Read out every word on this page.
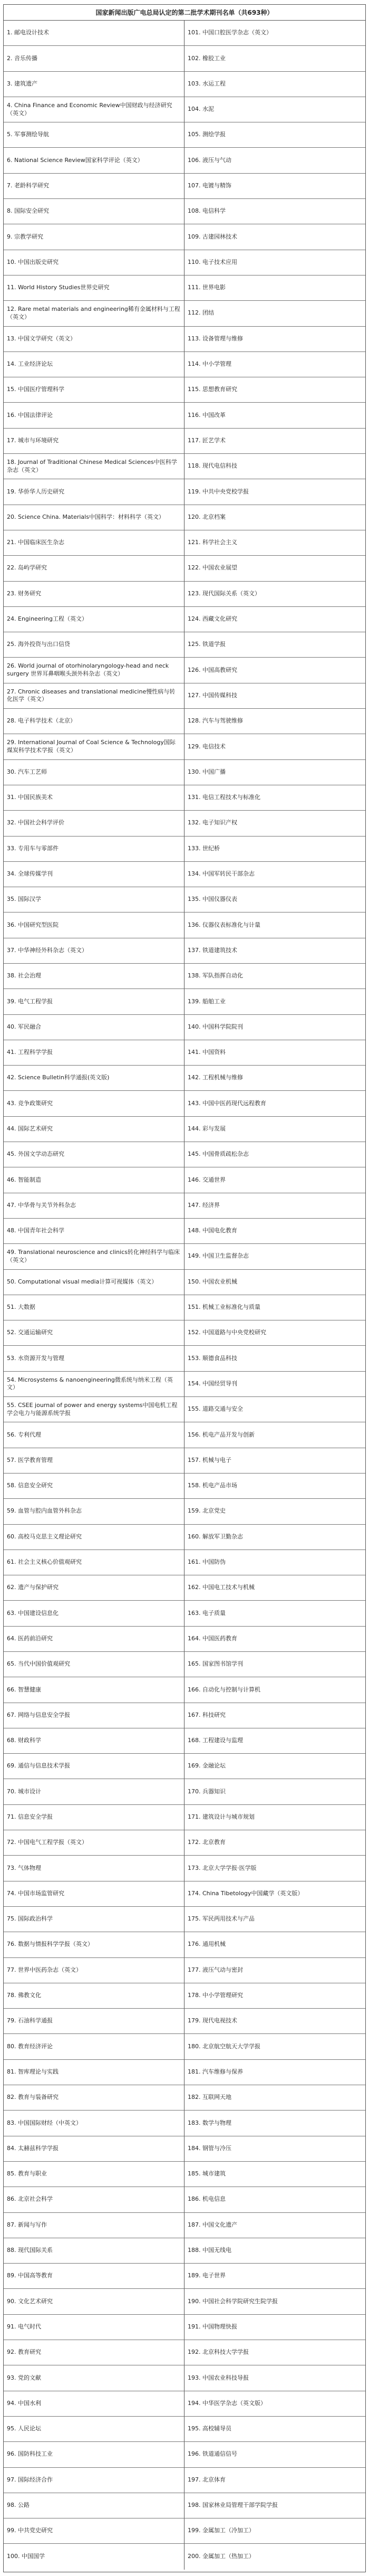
国家新闻出版广电总局认定的第二批学术期刊名单（共693种）
1. 邮电设计技术	101. 中国口腔医学杂志（英文）
2. 音乐传播	102. 橡胶工业
3. 建筑遗产	103. 水运工程
4. China Finance and Economic Review中国财政与经济研究（英文）
104. 水泥
5. 军事测绘导航	105. 测绘学报
6. National Science Review国家科学评论（英文）	106. 液压与气动
7. 老龄科学研究	107. 电镀与精饰
8. 国际安全研究	108. 电信科学
9. 宗教学研究	109. 古建园林技术
10. 中国出版史研究	110. 电子技术应用
11. World History Studies世界史研究	111. 世界电影
12. Rare metal materials and engineering稀有金属材料与工程（英文）
112. 团结
13. 中国文学研究（英文）	113. 设备管理与维修
14. 工业经济论坛	114. 中小学管理
15. 中国医疗管理科学	115. 思想教育研究
16. 中国法律评论	116. 中国改革
17. 城市与环境研究	117. 匠艺学术
18. Journal of Traditional Chinese Medical Sciences中医科学杂志（英文）
118. 现代电信科技
19. 华侨华人历史研究	119. 中共中央党校学报
20. Science China. Materials中国科学：材料科学（英文）	120. 北京档案
21. 中国临床医生杂志	121. 科学社会主义
22. 岛屿学研究	122. 中国农业展望
23. 财务研究	123. 现代国际关系（英文）
24. Engineering工程（英文）	124. 西藏文化研究
25. 海外投资与出口信贷	125. 铁道学报
26. World journal of otorhinolaryngology-head and neck surgery 世界耳鼻咽喉头颈外科杂志（英文）
126. 中国高教研究
27. Chronic diseases and translational medicine慢性病与转化医学（英文）
127. 中国传媒科技
28. 电子科学技术（北京）	128. 汽车与驾驶维修
29. International Journal of Coal Science & Technology国际煤炭科学技术学报（英文）
129. 电信技术
30. 汽车工艺师	130. 中国广播
31. 中国民族美术	131. 电信工程技术与标准化
32. 中国社会科学评价	132. 电子知识产权
33. 专用车与零部件	133. 世纪桥
34. 全球传媒学刊	134. 中国军转民干部杂志
35. 国际汉学	135. 中国仪器仪表
36. 中国研究型医院	136. 仪器仪表标准化与计量
37. 中华神经外科杂志（英文）	137. 铁道建筑技术
38. 社会治理	138. 军队指挥自动化
39. 电气工程学报	139. 船舶工业
40. 军民融合	140. 中国科学院院刊
41. 工程科学学报	141. 中国资料
42. Science Bulletin科学通报(英文版)	142. 工程机械与维修
43. 竞争政策研究	143. 中国中医药现代远程教育
44. 国际艺术研究	144. 彩与发展
45. 外国文学动态研究	145. 中国骨质疏松杂志
46. 智能制造	146. 交通世界
47. 中华骨与关节外科杂志	147. 经济界
48. 中国青年社会科学	148. 中国电化教育
49. Translational neuroscience and clinics转化神经科学与临床（英文）
149. 中国卫生监督杂志
50. Computational visual media计算可视媒体（英文）	150. 中国农业机械
51. 大数据	151. 机械工业标准化与质量
52. 交通运输研究	152. 中国道路与中央党校研究
53. 水资源开发与管理	153. 顺德食品科技
54. Microsystems & nanoengineering微系统与纳米工程（英文）
154. 中国经贸导刊
55. CSEE journal of power and energy systems中国电机工程学会电力与能源系统学报
155. 道路交通与安全
56. 专利代理	156. 机电产品开发与创新
57. 医学教育管理	157. 机械与电子
58. 信息安全研究	158. 机电产品市场
59. 血管与腔内血管外科杂志	159. 北京党史
60. 高校马克思主义理论研究	160. 解放军卫勤杂志
61. 社会主义核心价值观研究	161. 中国防伪
62. 遗产与保护研究	162. 中国电工技术与机械
63. 中国建设信息化	163. 电子质量
64. 医药前沿研究	164. 中国医药教育
65. 当代中国价值观研究	165. 国家图书馆学刊
66. 智慧健康	166. 自动化与控制与计算机
67. 网络与信息安全学报	167. 科技研究
68. 财政科学	168. 工程建设与监理
69. 通信与信息技术学报	169. 金融论坛
70. 城市设计	170. 兵器知识
71. 信息安全学报	171. 建筑设计与城市规划
72. 中国电气工程学报（英文）	172. 北京教育
73. 气体物理	173. 北京大学学报·医学版
74. 中国市场监管研究	174. China Tibetology中国藏学（英文版）
75. 国际政治科学	175. 军民两用技术与产品
76. 数据与情报科学学报（英文）	176. 通用机械
77. 世界中医药杂志（英文）	177. 液压气动与密封
78. 佛教文化	178. 中小学管理研究
79. 石油科学通报	179. 现代电视技术
80. 教育经济评论	180. 北京航空航天大学学报
81. 智库理论与实践	181. 汽车维修与保养
82. 教育与装备研究	182. 互联网天地
83. 中国国际财经（中英文）	183. 数学与物理
84. 太赫兹科学学报	184. 钢管与冷压
85. 教育与职业	185. 城市建筑
86. 北京社会科学	186. 机电信息
87. 新闻与写作	187. 中国文化遗产
88. 现代国际关系	188. 中国无线电
89. 中国高等教育	189. 电子世界
90. 文化艺术研究	190. 中国社会科学院研究生院学报
91. 电气时代	191. 中国物理快报
92. 教育研究	192. 北京科技大学学报
93. 党的文献	193. 中国农业科技导报
94. 中国水利	194. 中华医学杂志（英文版）
95. 人民论坛	195. 高校辅导员
96. 国防科技工业	196. 铁道通信信号
97. 国际经济合作	197. 北京体育
98. 公路	198. 国家林业局管理干部学院学报
99. 中共党史研究	199. 金属加工（冷加工）
100. 中国国学	200. 金属加工（热加工）
